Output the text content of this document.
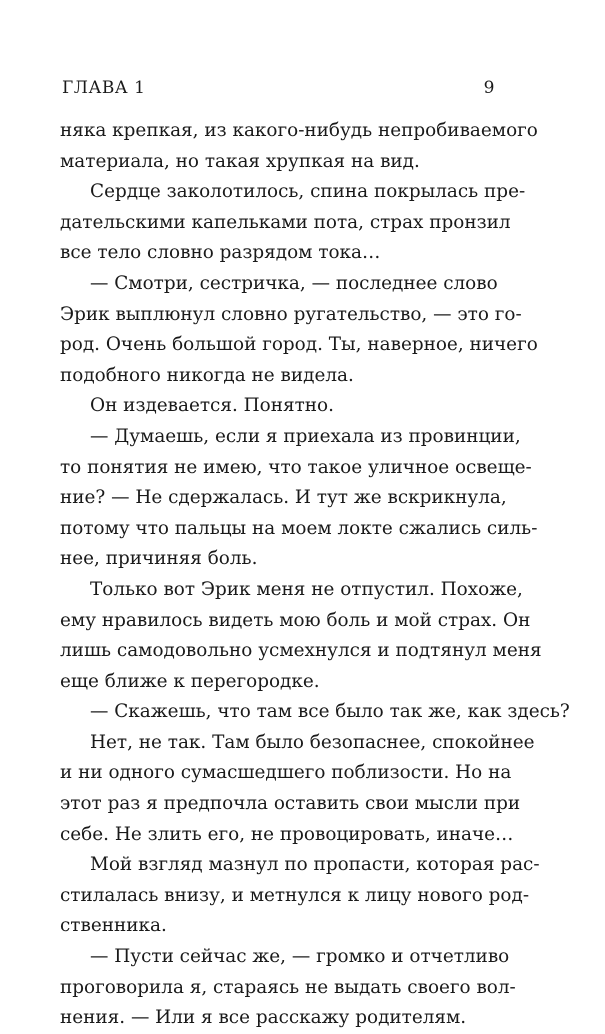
ГЛАВА 1	9
няка крепкая, из какого-нибудь непробиваемого
материала, но такая хрупкая на вид.
Сердце заколотилось, спина покрылась пре-
дательскими капельками пота, страх пронзил
все тело словно разрядом тока…
— Смотри, сестричка, — последнее слово
Эрик выплюнул словно ругательство, — это го-
род. Очень большой город. Ты, наверное, ничего
подобного никогда не видела.
Он издевается. Понятно.
— Думаешь, если я приехала из провинции,
то понятия не имею, что такое уличное освеще-
ние? — Не сдержалась. И тут же вскрикнула,
потому что пальцы на моем локте сжались силь-
нее, причиняя боль.
Только вот Эрик меня не отпустил. Похоже,
ему нравилось видеть мою боль и мой страх. Он
лишь самодовольно усмехнулся и подтянул меня
еще ближе к перегородке.
— Скажешь, что там все было так же, как здесь?
Нет, не так. Там было безопаснее, спокойнее
и ни одного сумасшедшего поблизости. Но на
этот раз я предпочла оставить свои мысли при
себе. Не злить его, не провоцировать, иначе…
Мой взгляд мазнул по пропасти, которая рас-
стилалась внизу, и метнулся к лицу нового род-
ственника.
— Пусти сейчас же, — громко и отчетливо
проговорила я, стараясь не выдать своего вол-
нения. — Или я все расскажу родителям.
